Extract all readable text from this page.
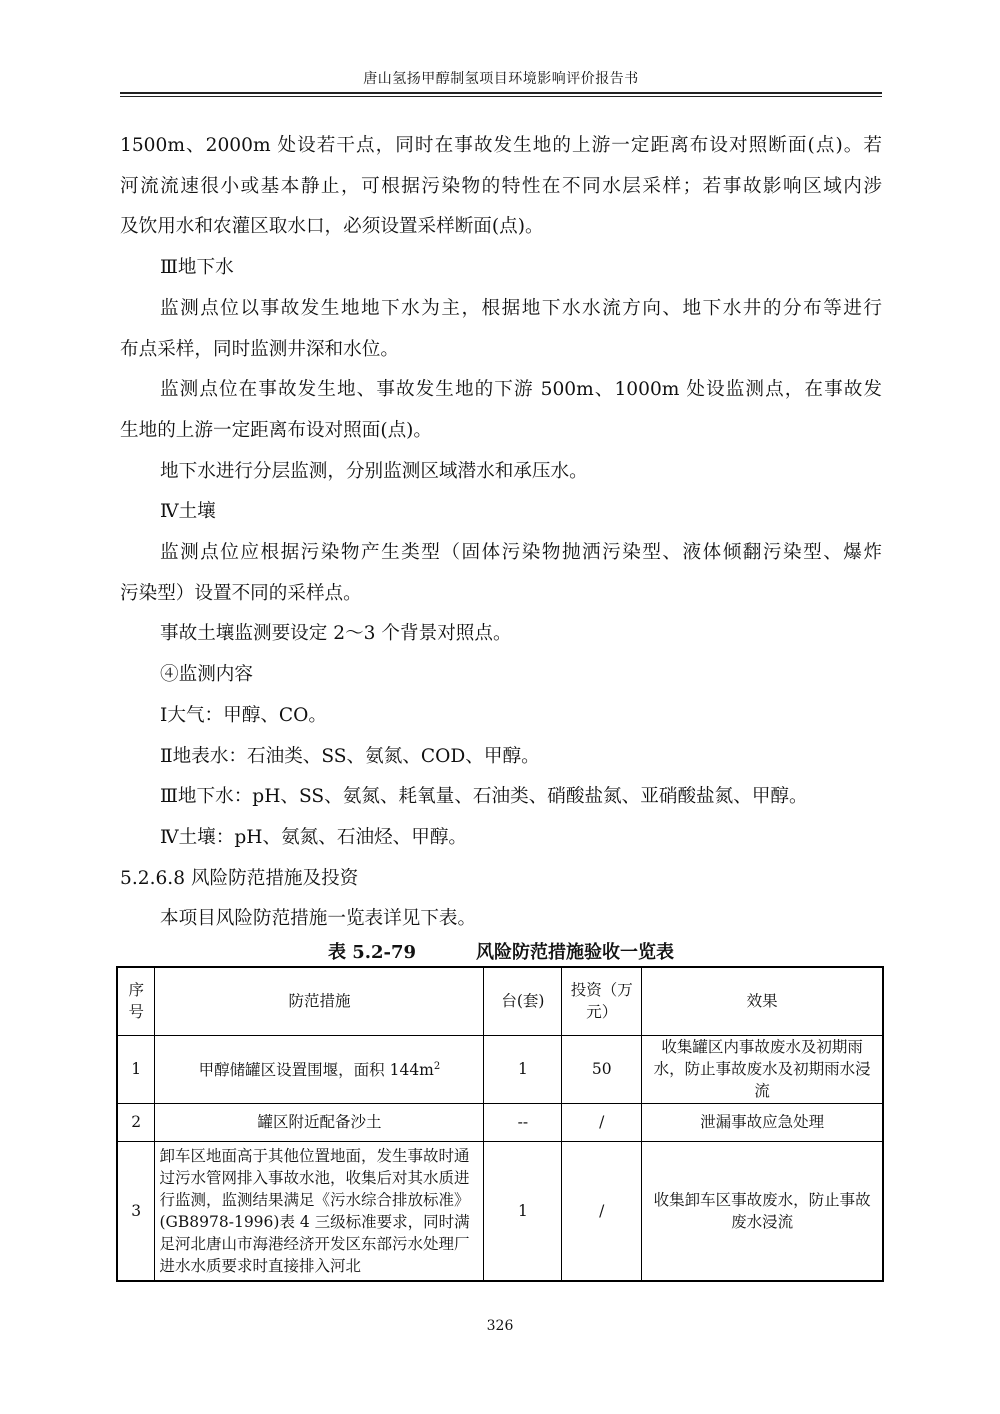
唐山氢扬甲醇制氢项目环境影响评价报告书

1500m、2000m 处设若干点，同时在事故发生地的上游一定距离布设对照断面(点)。若

河流流速很小或基本静止，可根据污染物的特性在不同水层采样；若事故影响区域内涉

及饮用水和农灌区取水口，必须设置采样断面(点)。

Ⅲ地下水

监测点位以事故发生地地下水为主，根据地下水水流方向、地下水井的分布等进行

布点采样，同时监测井深和水位。

监测点位在事故发生地、事故发生地的下游 500m、1000m 处设监测点，在事故发

生地的上游一定距离布设对照面(点)。

地下水进行分层监测，分别监测区域潜水和承压水。

Ⅳ土壤

监测点位应根据污染物产生类型（固体污染物抛洒污染型、液体倾翻污染型、爆炸

污染型）设置不同的采样点。

事故土壤监测要设定 2～3 个背景对照点。

④监测内容

Ⅰ大气：甲醇、CO。

Ⅱ地表水：石油类、SS、氨氮、COD、甲醇。

Ⅲ地下水：pH、SS、氨氮、耗氧量、石油类、硝酸盐氮、亚硝酸盐氮、甲醇。

Ⅳ土壤：pH、氨氮、石油烃、甲醇。

5.2.6.8 风险防范措施及投资

本项目风险防范措施一览表详见下表。

表 5.2-79	风险防范措施验收一览表
序号	防范措施	台(套)	投资（万元）	效果
1	甲醇储罐区设置围堰，面积 $144m^2$	1	50	收集罐区内事故废水及初期雨水，防止事故废水及初期雨水浸流
2	罐区附近配备沙土	--	/	泄漏事故应急处理
3	卸车区地面高于其他位置地面，发生事故时通过污水管网排入事故水池，收集后对其水质进行监测，监测结果满足《污水综合排放标准》(GB8978-1996)表 4 三级标准要求，同时满足河北唐山市海港经济开发区东部污水处理厂进水水质要求时直接排入河北	1	/	收集卸车区事故废水，防止事故废水浸流
326
